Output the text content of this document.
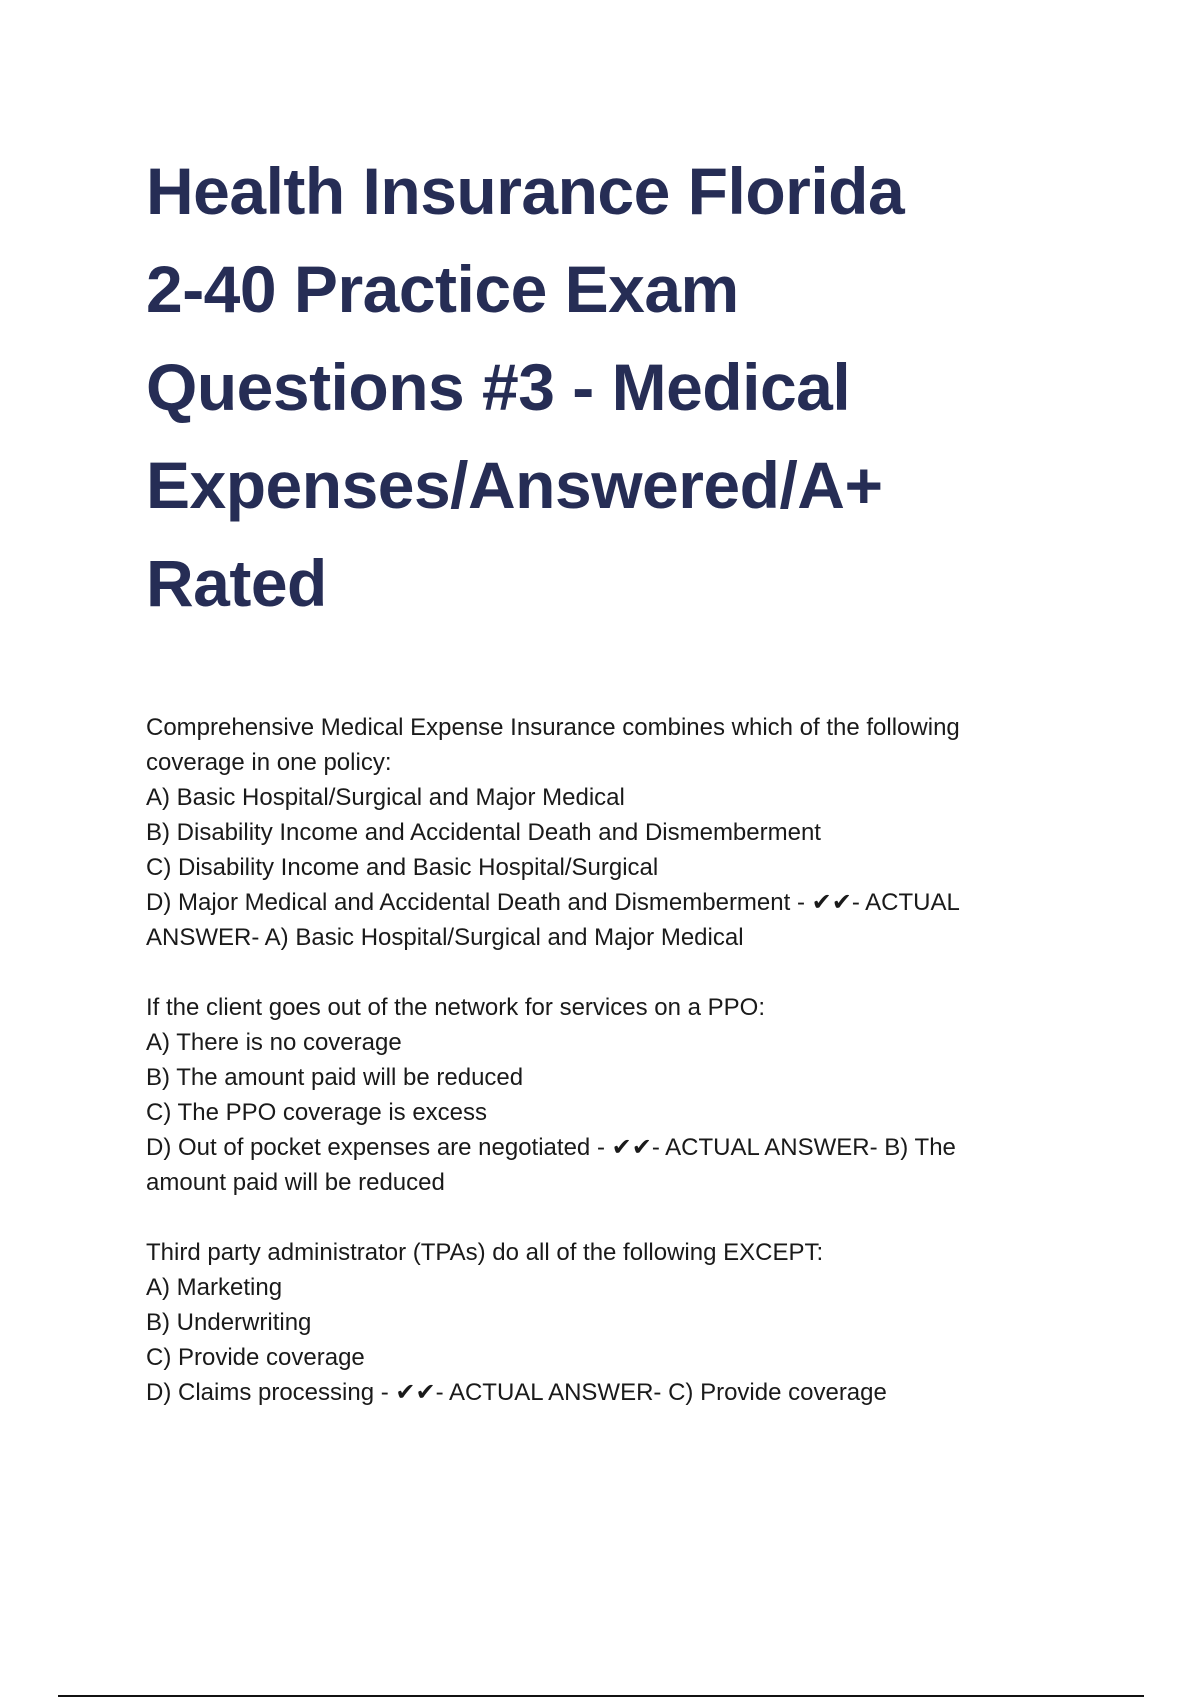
Health Insurance Florida
2-40 Practice Exam
Questions #3 - Medical
Expenses/Answered/A+
Rated

Comprehensive Medical Expense Insurance combines which of the following

coverage in one policy:

A) Basic Hospital/Surgical and Major Medical

B) Disability Income and Accidental Death and Dismemberment

C) Disability Income and Basic Hospital/Surgical

D) Major Medical and Accidental Death and Dismemberment - ✔✔- ACTUAL

ANSWER- A) Basic Hospital/Surgical and Major Medical

If the client goes out of the network for services on a PPO:

A) There is no coverage

B) The amount paid will be reduced

C) The PPO coverage is excess

D) Out of pocket expenses are negotiated - ✔✔- ACTUAL ANSWER- B) The

amount paid will be reduced

Third party administrator (TPAs) do all of the following EXCEPT:

A) Marketing

B) Underwriting

C) Provide coverage

D) Claims processing - ✔✔- ACTUAL ANSWER- C) Provide coverage
